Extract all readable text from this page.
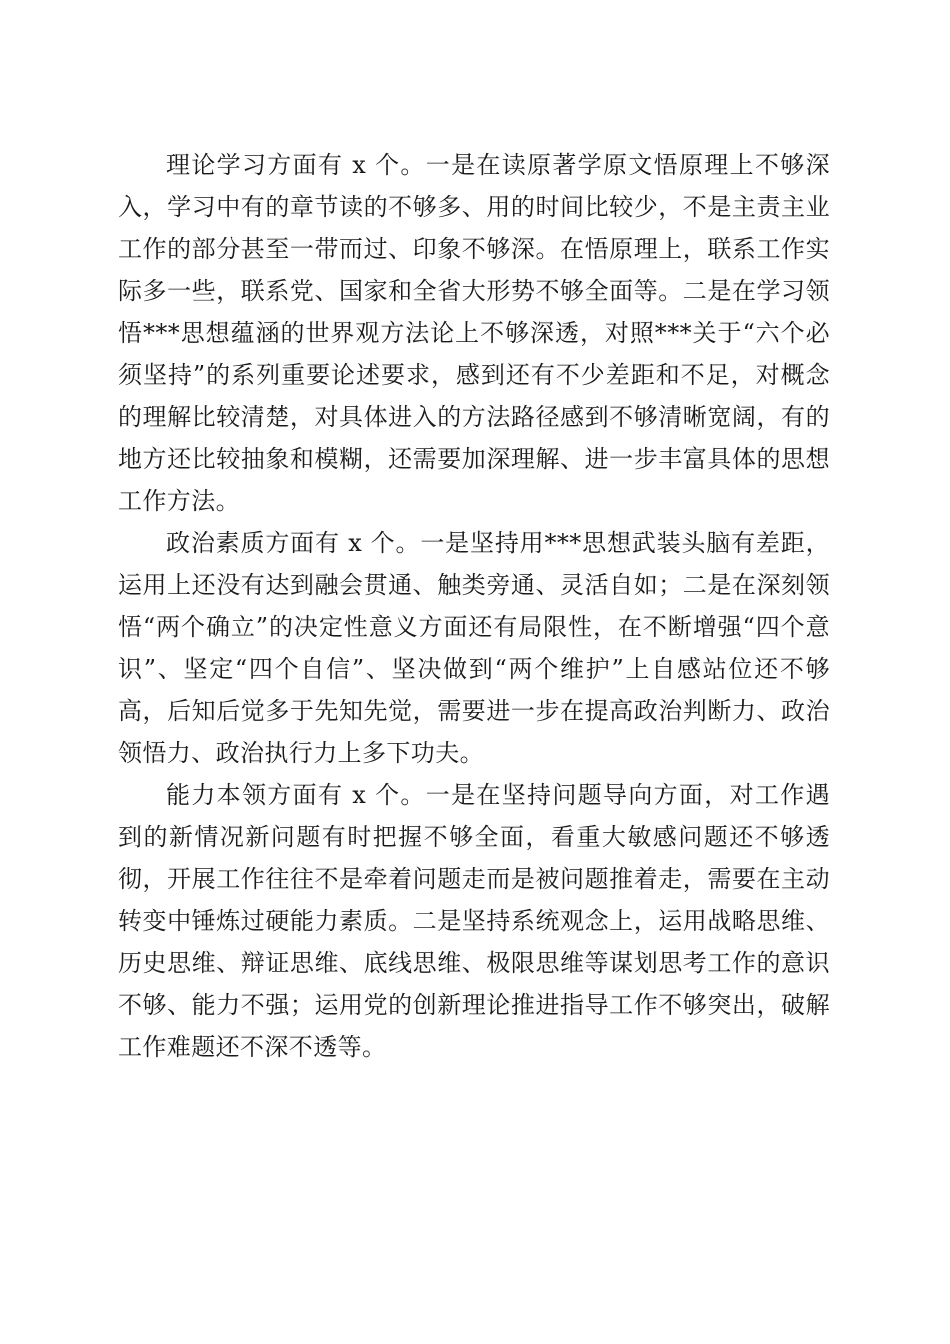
理论学习方面有 x 个。一是在读原著学原文悟原理上不够深入，学习中有的章节读的不够多、用的时间比较少，不是主责主业工作的部分甚至一带而过、印象不够深。在悟原理上，联系工作实际多一些，联系党、国家和全省大形势不够全面等。二是在学习领悟***思想蕴涵的世界观方法论上不够深透，对照***关于“六个必须坚持”的系列重要论述要求，感到还有不少差距和不足，对概念的理解比较清楚，对具体进入的方法路径感到不够清晰宽阔，有的地方还比较抽象和模糊，还需要加深理解、进一步丰富具体的思想工作方法。

政治素质方面有 x 个。一是坚持用***思想武装头脑有差距，运用上还没有达到融会贯通、触类旁通、灵活自如；二是在深刻领悟“两个确立”的决定性意义方面还有局限性，在不断增强“四个意识”、坚定“四个自信”、坚决做到“两个维护”上自感站位还不够高，后知后觉多于先知先觉，需要进一步在提高政治判断力、政治领悟力、政治执行力上多下功夫。

能力本领方面有 x 个。一是在坚持问题导向方面，对工作遇到的新情况新问题有时把握不够全面，看重大敏感问题还不够透彻，开展工作往往不是牵着问题走而是被问题推着走，需要在主动转变中锤炼过硬能力素质。二是坚持系统观念上，运用战略思维、历史思维、辩证思维、底线思维、极限思维等谋划思考工作的意识不够、能力不强；运用党的创新理论推进指导工作不够突出，破解工作难题还不深不透等。
